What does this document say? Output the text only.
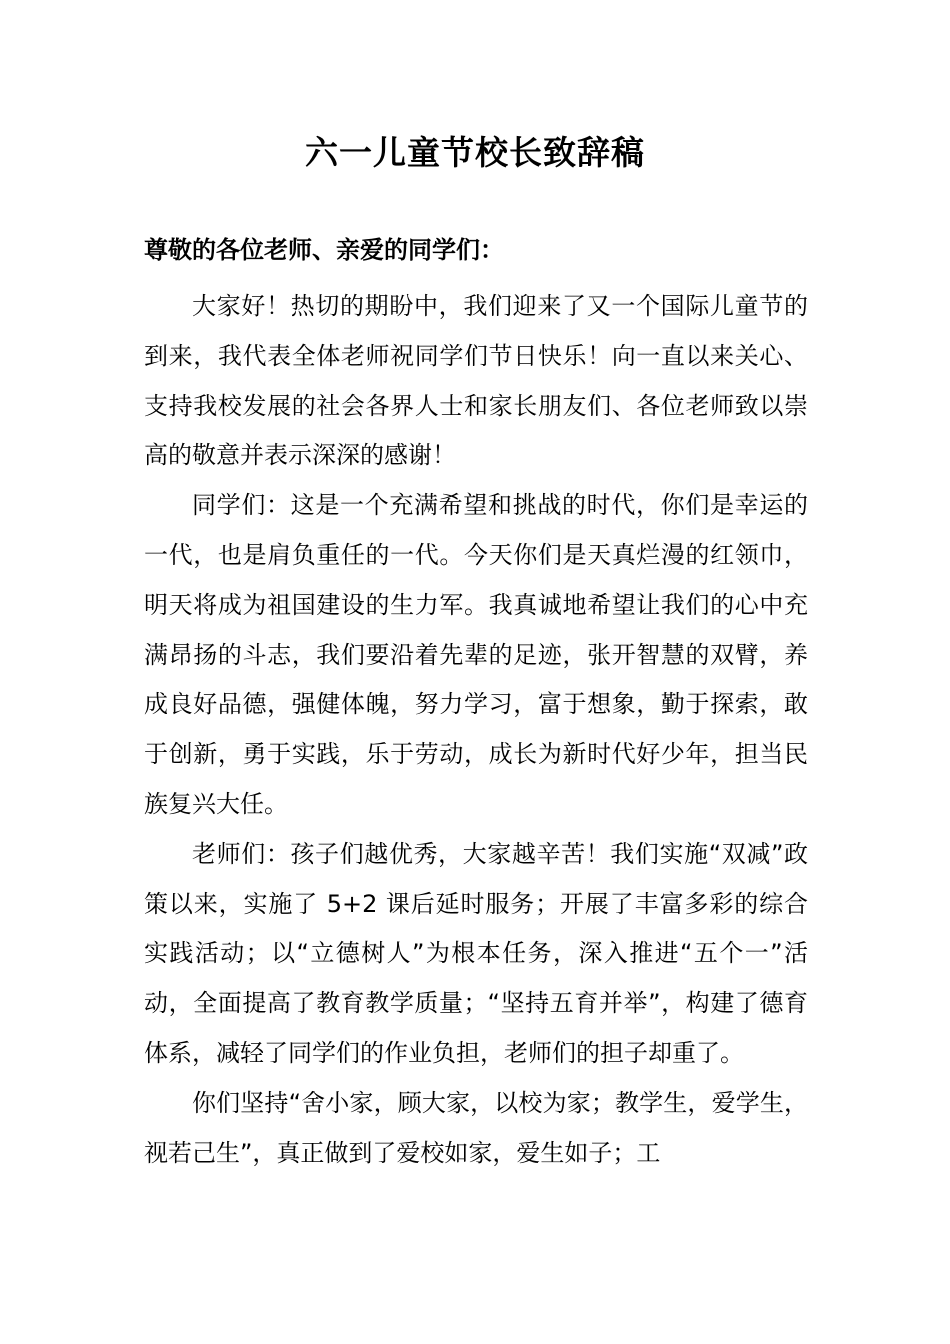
六一儿童节校长致辞稿
尊敬的各位老师、亲爱的同学们：

大家好！热切的期盼中，我们迎来了又一个国际儿童节的到来，我代表全体老师祝同学们节日快乐！向一直以来关心、支持我校发展的社会各界人士和家长朋友们、各位老师致以崇高的敬意并表示深深的感谢！

同学们：这是一个充满希望和挑战的时代，你们是幸运的一代，也是肩负重任的一代。今天你们是天真烂漫的红领巾，明天将成为祖国建设的生力军。我真诚地希望让我们的心中充满昂扬的斗志，我们要沿着先辈的足迹，张开智慧的双臂，养成良好品德，强健体魄，努力学习，富于想象，勤于探索，敢于创新，勇于实践，乐于劳动，成长为新时代好少年，担当民族复兴大任。

老师们：孩子们越优秀，大家越辛苦！我们实施“双减”政策以来，实施了 5+2 课后延时服务；开展了丰富多彩的综合实践活动；以“立德树人”为根本任务，深入推进“五个一”活动，全面提高了教育教学质量；“坚持五育并举”，构建了德育体系，减轻了同学们的作业负担，老师们的担子却重了。

你们坚持“舍小家，顾大家，以校为家；教学生，爱学生，视若己生”，真正做到了爱校如家，爱生如子；工
